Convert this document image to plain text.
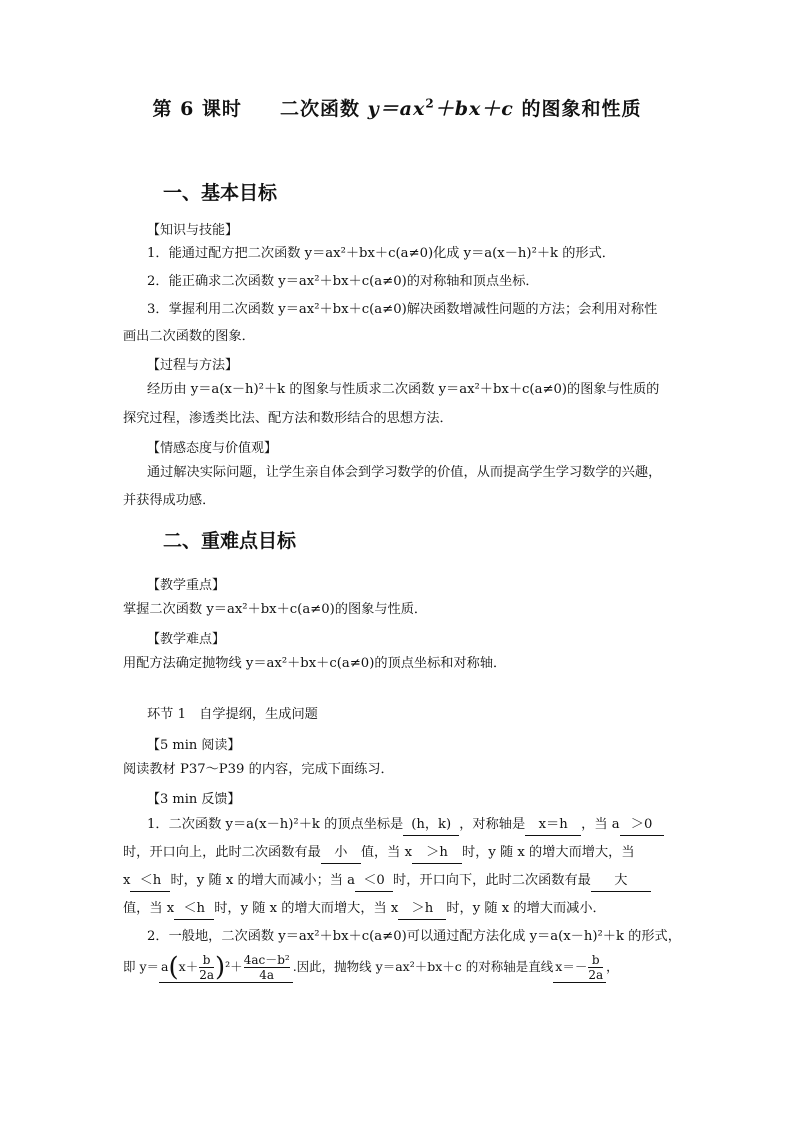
第 6 课时 二次函数 $y=ax^2+bx+c$ 的图象和性质
一、基本目标
【知识与技能】
1．能通过配方把二次函数 y＝ax²＋bx＋c(a≠0)化成 y＝a(x－h)²＋k 的形式．
2．能正确求二次函数 y＝ax²＋bx＋c(a≠0)的对称轴和顶点坐标．
3．掌握利用二次函数 y＝ax²＋bx＋c(a≠0)解决函数增减性问题的方法；会利用对称性
画出二次函数的图象．
【过程与方法】
经历由 y＝a(x－h)²＋k 的图象与性质求二次函数 y＝ax²＋bx＋c(a≠0)的图象与性质的
探究过程，渗透类比法、配方法和数形结合的思想方法．
【情感态度与价值观】
通过解决实际问题，让学生亲自体会到学习数学的价值，从而提高学生学习数学的兴趣，
并获得成功感．
二、重难点目标
【教学重点】
掌握二次函数 y＝ax²＋bx＋c(a≠0)的图象与性质．
【教学难点】
用配方法确定抛物线 y＝ax²＋bx＋c(a≠0)的顶点坐标和对称轴．
环节 1　自学提纲，生成问题
【5 min 阅读】
阅读教材 P37～P39 的内容，完成下面练习．
【3 min 反馈】
1．二次函数 y＝a(x－h)²＋k 的顶点坐标是 (h，k) ，对称轴是 x＝h ，当 a ＞0
时，开口向上，此时二次函数有最 小 值，当 x ＞h 时，y 随 x 的增大而增大，当
x ＜h 时，y 随 x 的增大而减小；当 a ＜0 时，开口向下，此时二次函数有最 大
值，当 x ＜h 时，y 随 x 的增大而增大，当 x ＞h 时，y 随 x 的增大而减小．
2．一般地，二次函数 y＝ax²＋bx＋c(a≠0)可以通过配方法化成 y＝a(x－h)²＋k 的形式，
即 $y= a(x+ \frac{b}{2a} )^2+ \frac{\text{4ac－b²}}{4a}$ .因此，抛物线 y＝ax²＋bx＋c 的对称轴是直线 $x=- \frac{b}{2a}$ ，
